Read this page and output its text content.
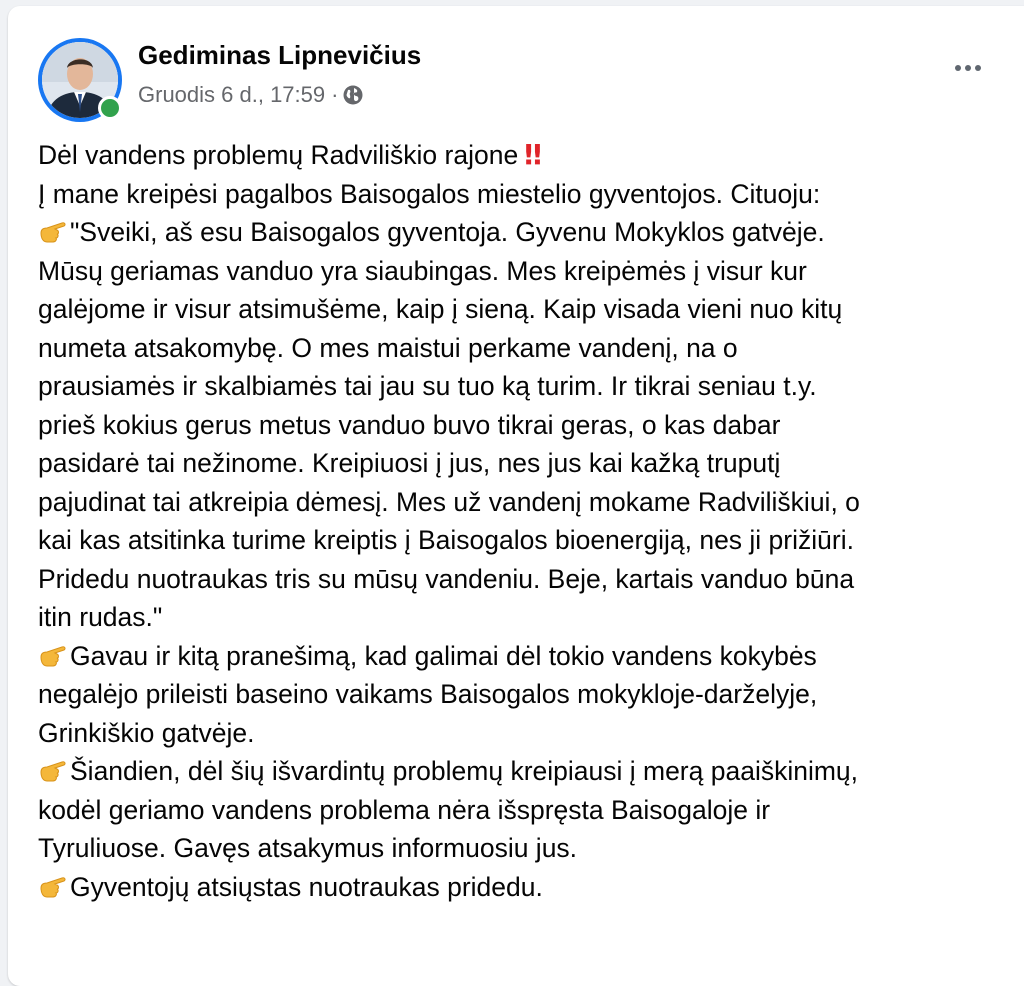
Gediminas Lipnevičius
Gruodis 6 d., 17:59 ·
Dėl vandens problemų Radviliškio rajone ‼
Į mane kreipėsi pagalbos Baisogalos miestelio gyventojos. Cituoju:
"Sveiki, aš esu Baisogalos gyventoja. Gyvenu Mokyklos gatvėje.
Mūsų geriamas vanduo yra siaubingas. Mes kreipėmės į visur kur
galėjome ir visur atsimušėme, kaip į sieną. Kaip visada vieni nuo kitų
numeta atsakomybę. O mes maistui perkame vandenį, na o
prausiamės ir skalbiamės tai jau su tuo ką turim. Ir tikrai seniau t.y.
prieš kokius gerus metus vanduo buvo tikrai geras, o kas dabar
pasidarė tai nežinome. Kreipiuosi į jus, nes jus kai kažką truputį
pajudinat tai atkreipia dėmesį. Mes už vandenį mokame Radviliškiui, o
kai kas atsitinka turime kreiptis į Baisogalos bioenergiją, nes ji prižiūri.
Pridedu nuotraukas tris su mūsų vandeniu. Beje, kartais vanduo būna
itin rudas."
Gavau ir kitą pranešimą, kad galimai dėl tokio vandens kokybės
negalėjo prileisti baseino vaikams Baisogalos mokykloje-darželyje,
Grinkiškio gatvėje.
Šiandien, dėl šių išvardintų problemų kreipiausi į merą paaiškinimų,
kodėl geriamo vandens problema nėra išspręsta Baisogaloje ir
Tyruliuose. Gavęs atsakymus informuosiu jus.
Gyventojų atsiųstas nuotraukas pridedu.
